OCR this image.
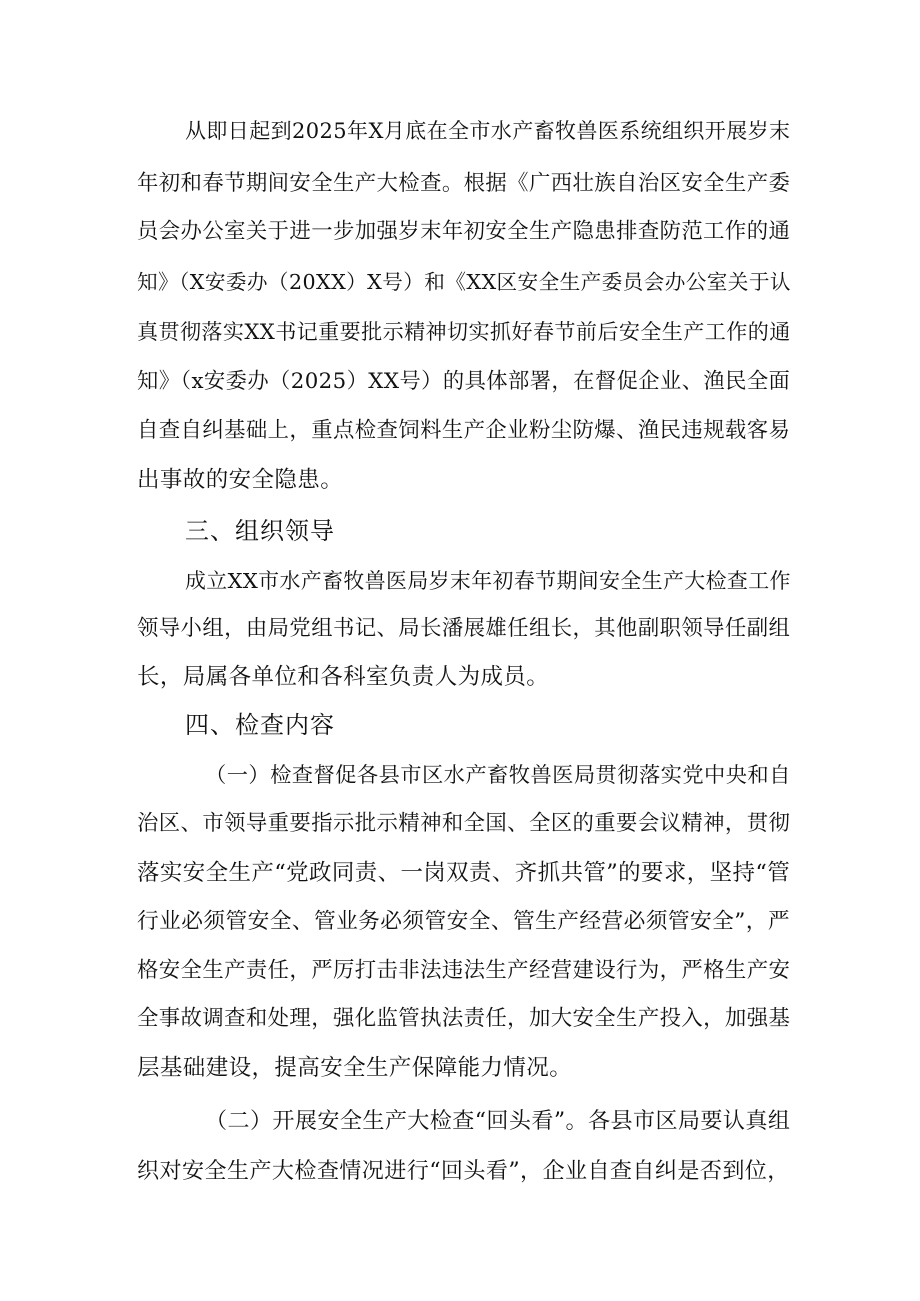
从即日起到2025年X月底在全市水产畜牧兽医系统组织开展岁末
年初和春节期间安全生产大检查。根据《广西壮族自治区安全生产委
员会办公室关于进一步加强岁末年初安全生产隐患排查防范工作的通
知》（X安委办（20XX）X号）和《XX区安全生产委员会办公室关于认
真贯彻落实XX书记重要批示精神切实抓好春节前后安全生产工作的通
知》（x安委办（2025）XX号）的具体部署，在督促企业、渔民全面
自查自纠基础上，重点检查饲料生产企业粉尘防爆、渔民违规载客易
出事故的安全隐患。
三、组织领导
成立XX市水产畜牧兽医局岁末年初春节期间安全生产大检查工作
领导小组，由局党组书记、局长潘展雄任组长，其他副职领导任副组
长，局属各单位和各科室负责人为成员。
四、检查内容
（一）检查督促各县市区水产畜牧兽医局贯彻落实党中央和自
治区、市领导重要指示批示精神和全国、全区的重要会议精神，贯彻
落实安全生产“党政同责、一岗双责、齐抓共管”的要求，坚持“管
行业必须管安全、管业务必须管安全、管生产经营必须管安全”，严
格安全生产责任，严厉打击非法违法生产经营建设行为，严格生产安
全事故调查和处理，强化监管执法责任，加大安全生产投入，加强基
层基础建设，提高安全生产保障能力情况。
（二）开展安全生产大检查“回头看”。各县市区局要认真组
织对安全生产大检查情况进行“回头看”，企业自查自纠是否到位，
